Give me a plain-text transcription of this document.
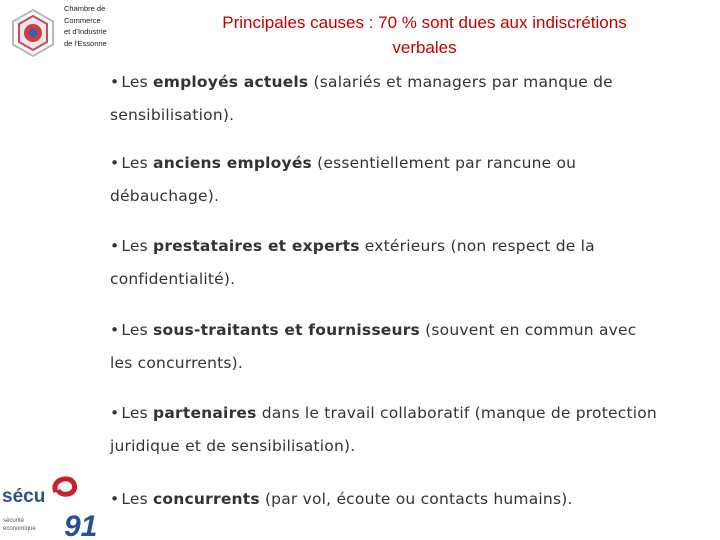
Chambre de
Commerce
et d'Industrie
de l'Essonne
Principales causes : 70 % sont dues aux indiscrétions
verbales
• Les employés actuels (salariés et managers par manque de
sensibilisation).
• Les anciens employés (essentiellement par rancune ou
débauchage).
• Les prestataires et experts extérieurs (non respect de la
confidentialité).
• Les sous-traitants et fournisseurs (souvent en commun avec
les concurrents).
• Les partenaires dans le travail collaboratif (manque de protection
juridique et de sensibilisation).
• Les concurrents (par vol, écoute ou contacts humains).
sécu
91
sécurité
économique
